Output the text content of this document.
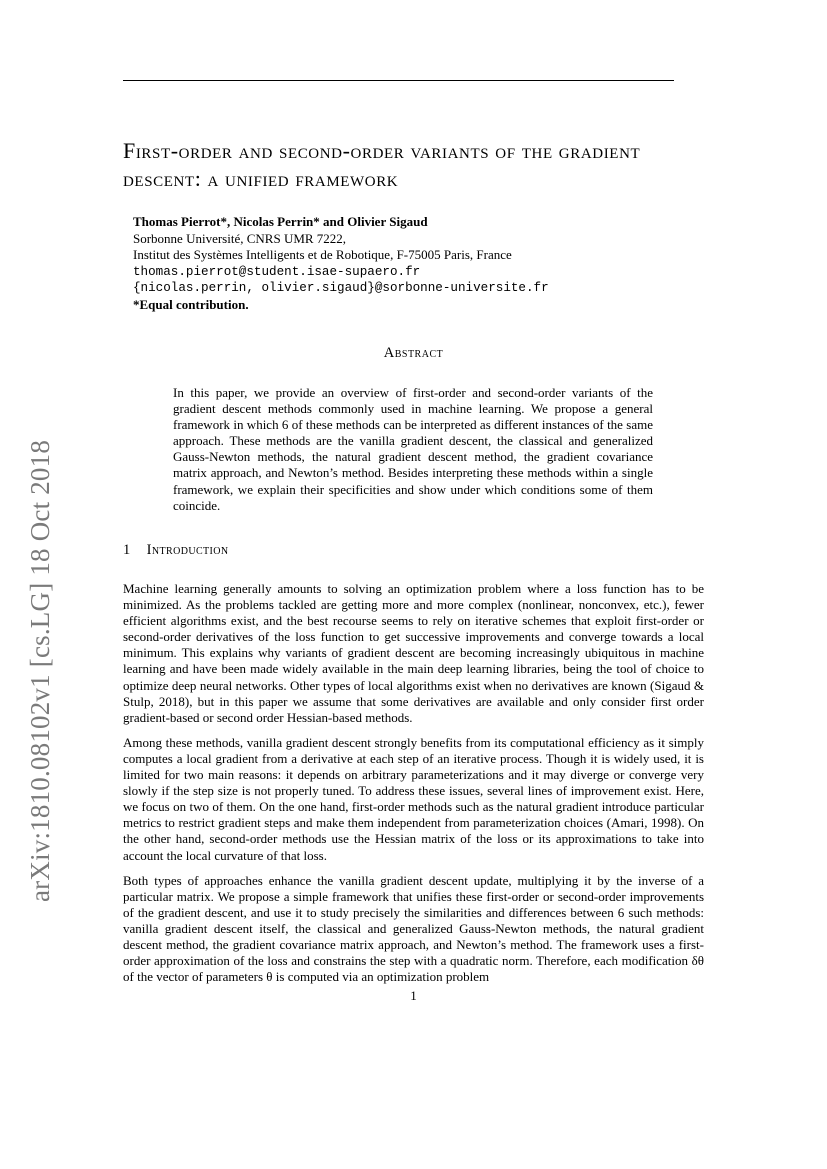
arXiv:1810.08102v1 [cs.LG] 18 Oct 2018
First-order and second-order variants of the gradient descent: a unified framework
Thomas Pierrot*, Nicolas Perrin* and Olivier Sigaud
Sorbonne Université, CNRS UMR 7222,
Institut des Systèmes Intelligents et de Robotique, F-75005 Paris, France
thomas.pierrot@student.isae-supaero.fr
{nicolas.perrin, olivier.sigaud}@sorbonne-universite.fr
*Equal contribution.
Abstract

In this paper, we provide an overview of first-order and second-order variants of the gradient descent methods commonly used in machine learning. We propose a general framework in which 6 of these methods can be interpreted as different instances of the same approach. These methods are the vanilla gradient descent, the classical and generalized Gauss-Newton methods, the natural gradient descent method, the gradient covariance matrix approach, and Newton’s method. Besides interpreting these methods within a single framework, we explain their specificities and show under which conditions some of them coincide.

1 Introduction

Machine learning generally amounts to solving an optimization problem where a loss function has to be minimized. As the problems tackled are getting more and more complex (nonlinear, nonconvex, etc.), fewer efficient algorithms exist, and the best recourse seems to rely on iterative schemes that exploit first-order or second-order derivatives of the loss function to get successive improvements and converge towards a local minimum. This explains why variants of gradient descent are becoming increasingly ubiquitous in machine learning and have been made widely available in the main deep learning libraries, being the tool of choice to optimize deep neural networks. Other types of local algorithms exist when no derivatives are known (Sigaud & Stulp, 2018), but in this paper we assume that some derivatives are available and only consider first order gradient-based or second order Hessian-based methods.

Among these methods, vanilla gradient descent strongly benefits from its computational efficiency as it simply computes a local gradient from a derivative at each step of an iterative process. Though it is widely used, it is limited for two main reasons: it depends on arbitrary parameterizations and it may diverge or converge very slowly if the step size is not properly tuned. To address these issues, several lines of improvement exist. Here, we focus on two of them. On the one hand, first-order methods such as the natural gradient introduce particular metrics to restrict gradient steps and make them independent from parameterization choices (Amari, 1998). On the other hand, second-order methods use the Hessian matrix of the loss or its approximations to take into account the local curvature of that loss.

Both types of approaches enhance the vanilla gradient descent update, multiplying it by the inverse of a particular matrix. We propose a simple framework that unifies these first-order or second-order improvements of the gradient descent, and use it to study precisely the similarities and differences between 6 such methods: vanilla gradient descent itself, the classical and generalized Gauss-Newton methods, the natural gradient descent method, the gradient covariance matrix approach, and Newton’s method. The framework uses a first-order approximation of the loss and constrains the step with a quadratic norm. Therefore, each modification δθ of the vector of parameters θ is computed via an optimization problem

1
